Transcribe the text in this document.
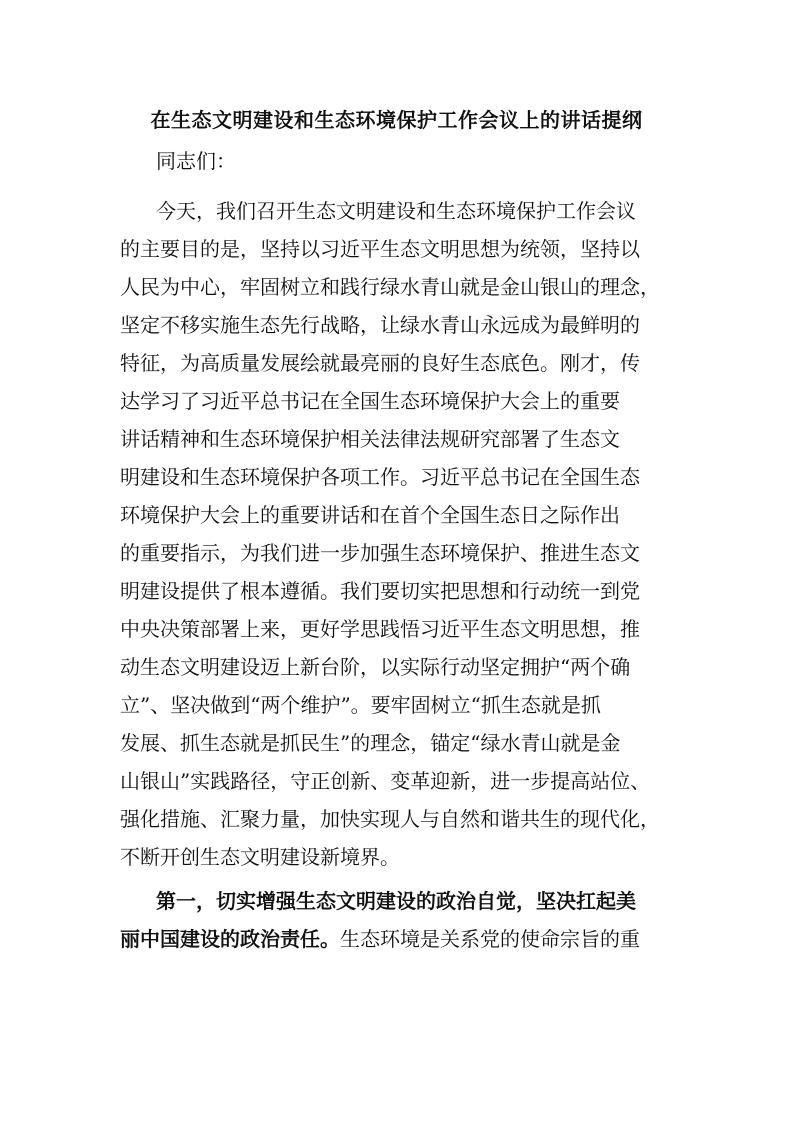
在生态文明建设和生态环境保护工作会议上的讲话提纲
同志们：
今天，我们召开生态文明建设和生态环境保护工作会议
的主要目的是，坚持以习近平生态文明思想为统领，坚持以
人民为中心，牢固树立和践行绿水青山就是金山银山的理念，
坚定不移实施生态先行战略，让绿水青山永远成为最鲜明的
特征，为高质量发展绘就最亮丽的良好生态底色。刚才，传
达学习了习近平总书记在全国生态环境保护大会上的重要
讲话精神和生态环境保护相关法律法规研究部署了生态文
明建设和生态环境保护各项工作。习近平总书记在全国生态
环境保护大会上的重要讲话和在首个全国生态日之际作出
的重要指示，为我们进一步加强生态环境保护、推进生态文
明建设提供了根本遵循。我们要切实把思想和行动统一到党
中央决策部署上来，更好学思践悟习近平生态文明思想，推
动生态文明建设迈上新台阶，以实际行动坚定拥护“两个确
立”、坚决做到“两个维护”。要牢固树立“抓生态就是抓
发展、抓生态就是抓民生”的理念，锚定“绿水青山就是金
山银山”实践路径，守正创新、变革迎新，进一步提高站位、
强化措施、汇聚力量，加快实现人与自然和谐共生的现代化，
不断开创生态文明建设新境界。
第一，切实增强生态文明建设的政治自觉，坚决扛起美
丽中国建设的政治责任。生态环境是关系党的使命宗旨的重
